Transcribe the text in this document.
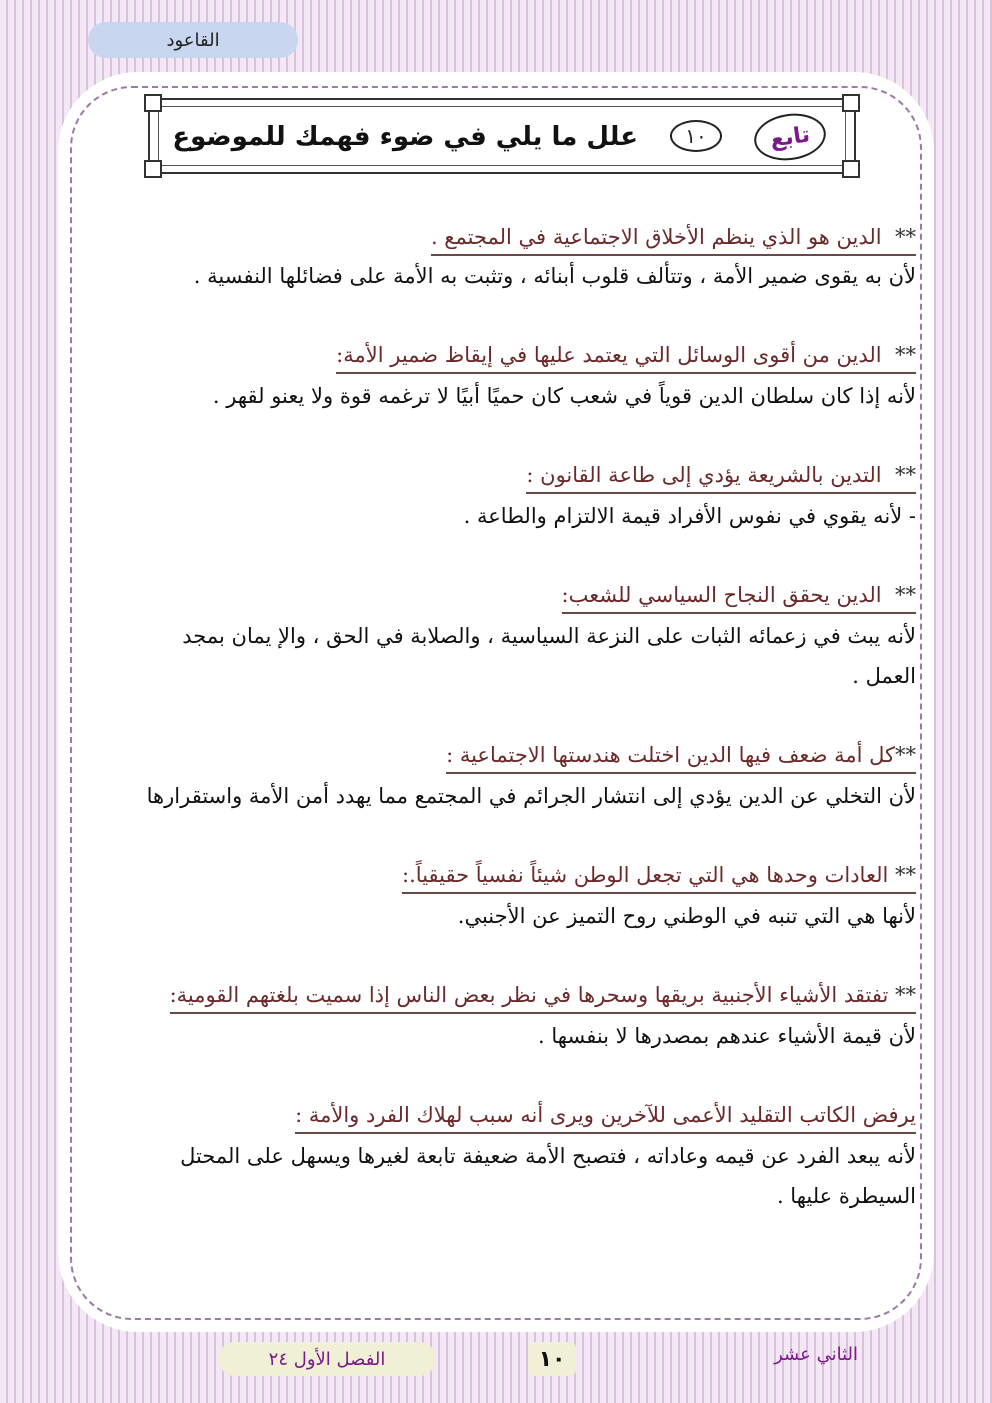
القاعود
علل ما يلي في ضوء فهمك للموضوع	١٠	تابع
**  الدين هو الذي ينظم الأخلاق الاجتماعية في المجتمع .
لأن به يقوى ضمير الأمة ، وتتألف قلوب أبنائه ، وتثبت به الأمة على فضائلها النفسية .
**  الدين من أقوى الوسائل التي يعتمد عليها في إيقاظ ضمير الأمة:
لأنه إذا كان سلطان الدين قوياً في شعب كان حميًا أبيًا لا ترغمه قوة ولا يعنو لقهر .
**  التدين بالشريعة يؤدي إلى طاعة القانون :
- لأنه يقوي في نفوس الأفراد قيمة الالتزام والطاعة .
**  الدين يحقق النجاح السياسي للشعب:
لأنه يبث في زعمائه الثبات على النزعة السياسية ، والصلابة في الحق ، والإ يمان بمجد
العمل .
**كل أمة ضعف فيها الدين اختلت هندستها الاجتماعية :
لأن التخلي عن الدين يؤدي إلى انتشار الجرائم في المجتمع مما يهدد أمن الأمة واستقرارها
** العادات وحدها هي التي تجعل الوطن شيئاً نفسياً حقيقياً.:
لأنها هي التي تنبه في الوطني روح التميز عن الأجنبي.
** تفتقد الأشياء الأجنبية بريقها وسحرها في نظر بعض الناس إذا سميت بلغتهم القومية:
لأن قيمة الأشياء عندهم بمصدرها لا بنفسها .
يرفض الكاتب التقليد الأعمى للآخرين ويرى أنه سبب لهلاك الفرد والأمة :
لأنه يبعد الفرد عن قيمه وعاداته ، فتصبح الأمة ضعيفة تابعة لغيرها ويسهل على المحتل
السيطرة عليها .
الفصل الأول ٢٤	١٠	الثاني عشر
